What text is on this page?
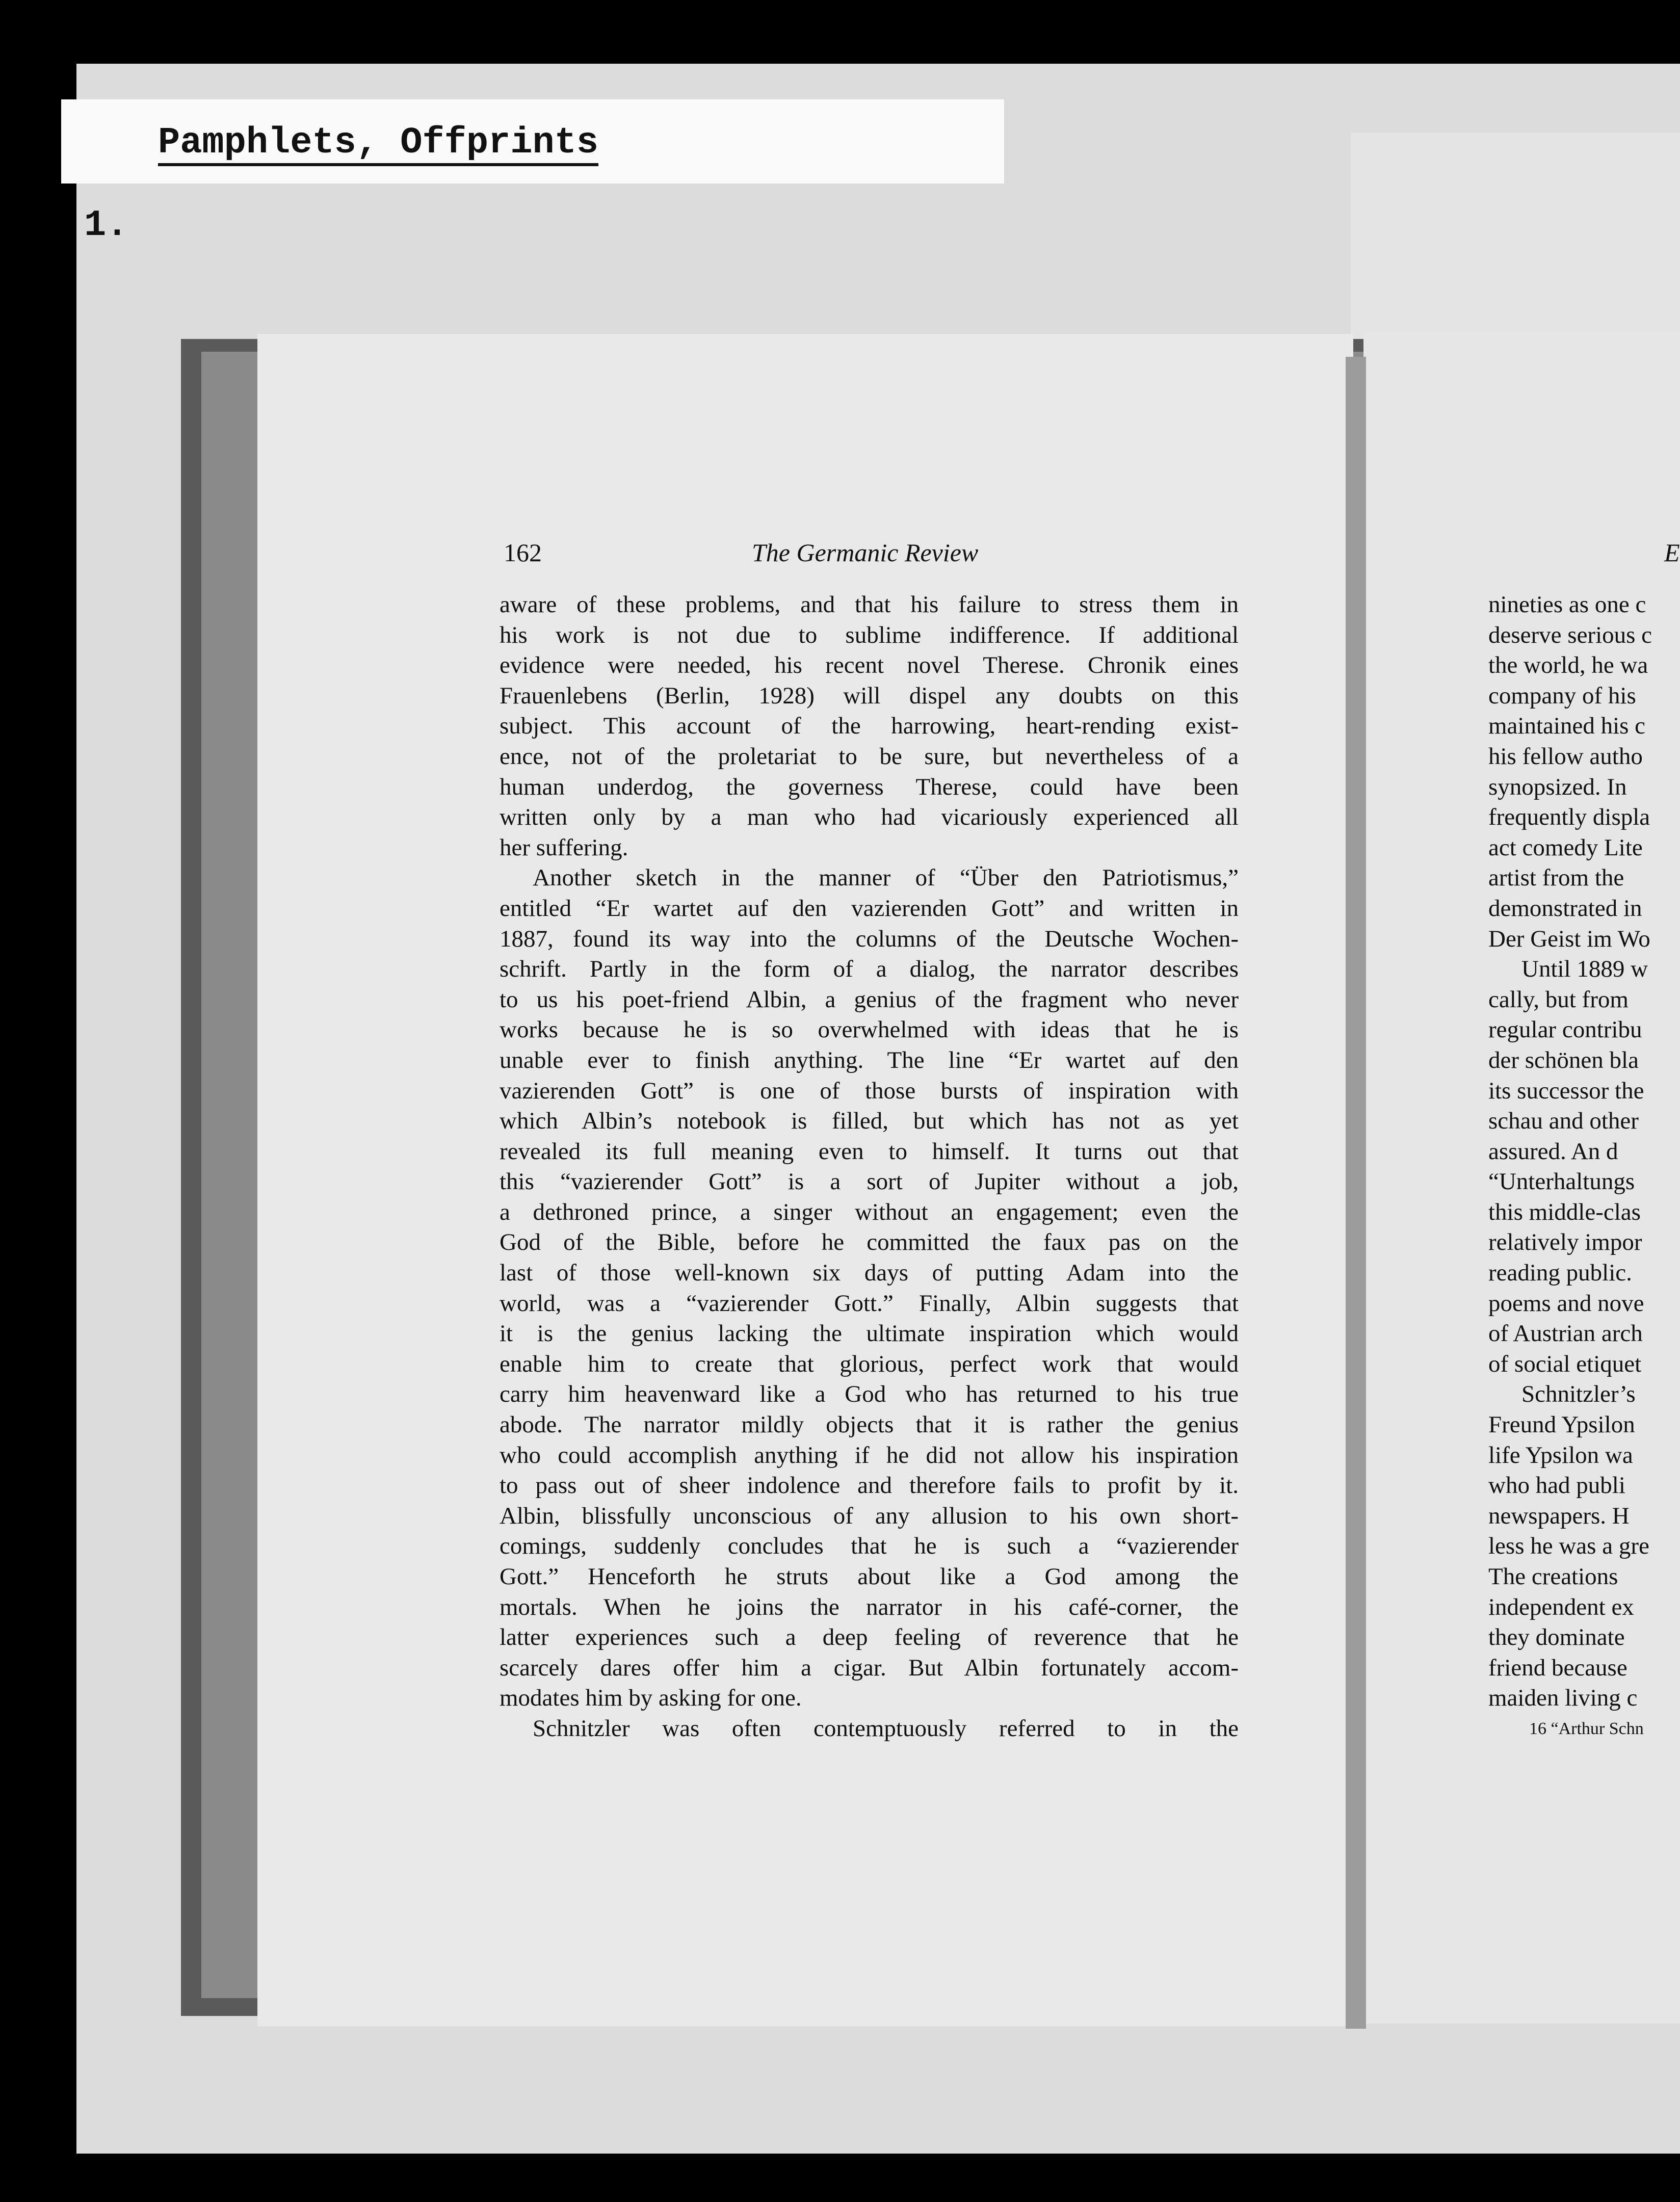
1.

Pamphlets, Offprints

162	The Germanic Review	E
aware of these problems, and that his failure to stress them in
his work is not due to sublime indifference. If additional
evidence were needed, his recent novel Therese. Chronik eines
Frauenlebens (Berlin, 1928) will dispel any doubts on this
subject. This account of the harrowing, heart-rending exist-
ence, not of the proletariat to be sure, but nevertheless of a
human underdog, the governess Therese, could have been
written only by a man who had vicariously experienced all
her suffering.
Another sketch in the manner of “Über den Patriotismus,”
entitled “Er wartet auf den vazierenden Gott” and written in
1887, found its way into the columns of the Deutsche Wochen-
schrift. Partly in the form of a dialog, the narrator describes
to us his poet-friend Albin, a genius of the fragment who never
works because he is so overwhelmed with ideas that he is
unable ever to finish anything. The line “Er wartet auf den
vazierenden Gott” is one of those bursts of inspiration with
which Albin’s notebook is filled, but which has not as yet
revealed its full meaning even to himself. It turns out that
this “vazierender Gott” is a sort of Jupiter without a job,
a dethroned prince, a singer without an engagement; even the
God of the Bible, before he committed the faux pas on the
last of those well-known six days of putting Adam into the
world, was a “vazierender Gott.” Finally, Albin suggests that
it is the genius lacking the ultimate inspiration which would
enable him to create that glorious, perfect work that would
carry him heavenward like a God who has returned to his true
abode. The narrator mildly objects that it is rather the genius
who could accomplish anything if he did not allow his inspiration
to pass out of sheer indolence and therefore fails to profit by it.
Albin, blissfully unconscious of any allusion to his own short-
comings, suddenly concludes that he is such a “vazierender
Gott.” Henceforth he struts about like a God among the
mortals. When he joins the narrator in his café-corner, the
latter experiences such a deep feeling of reverence that he
scarcely dares offer him a cigar. But Albin fortunately accom-
modates him by asking for one.
Schnitzler was often contemptuously referred to in the
nineties as one c
deserve serious c
the world, he wa
company of his
maintained his c
his fellow autho
synopsized. In
frequently displa
act comedy Lite
artist from the
demonstrated in
Der Geist im Wo
Until 1889 w
cally, but from
regular contribu
der schönen bla
its successor the
schau and other
assured. An d
“Unterhaltungs
this middle-clas
relatively impor
reading public.
poems and nove
of Austrian arch
of social etiquet
Schnitzler’s
Freund Ypsilon
life Ypsilon wa
who had publi
newspapers. H
less he was a gre
The creations
independent ex
they dominate
friend because
maiden living c
16 “Arthur Schn
